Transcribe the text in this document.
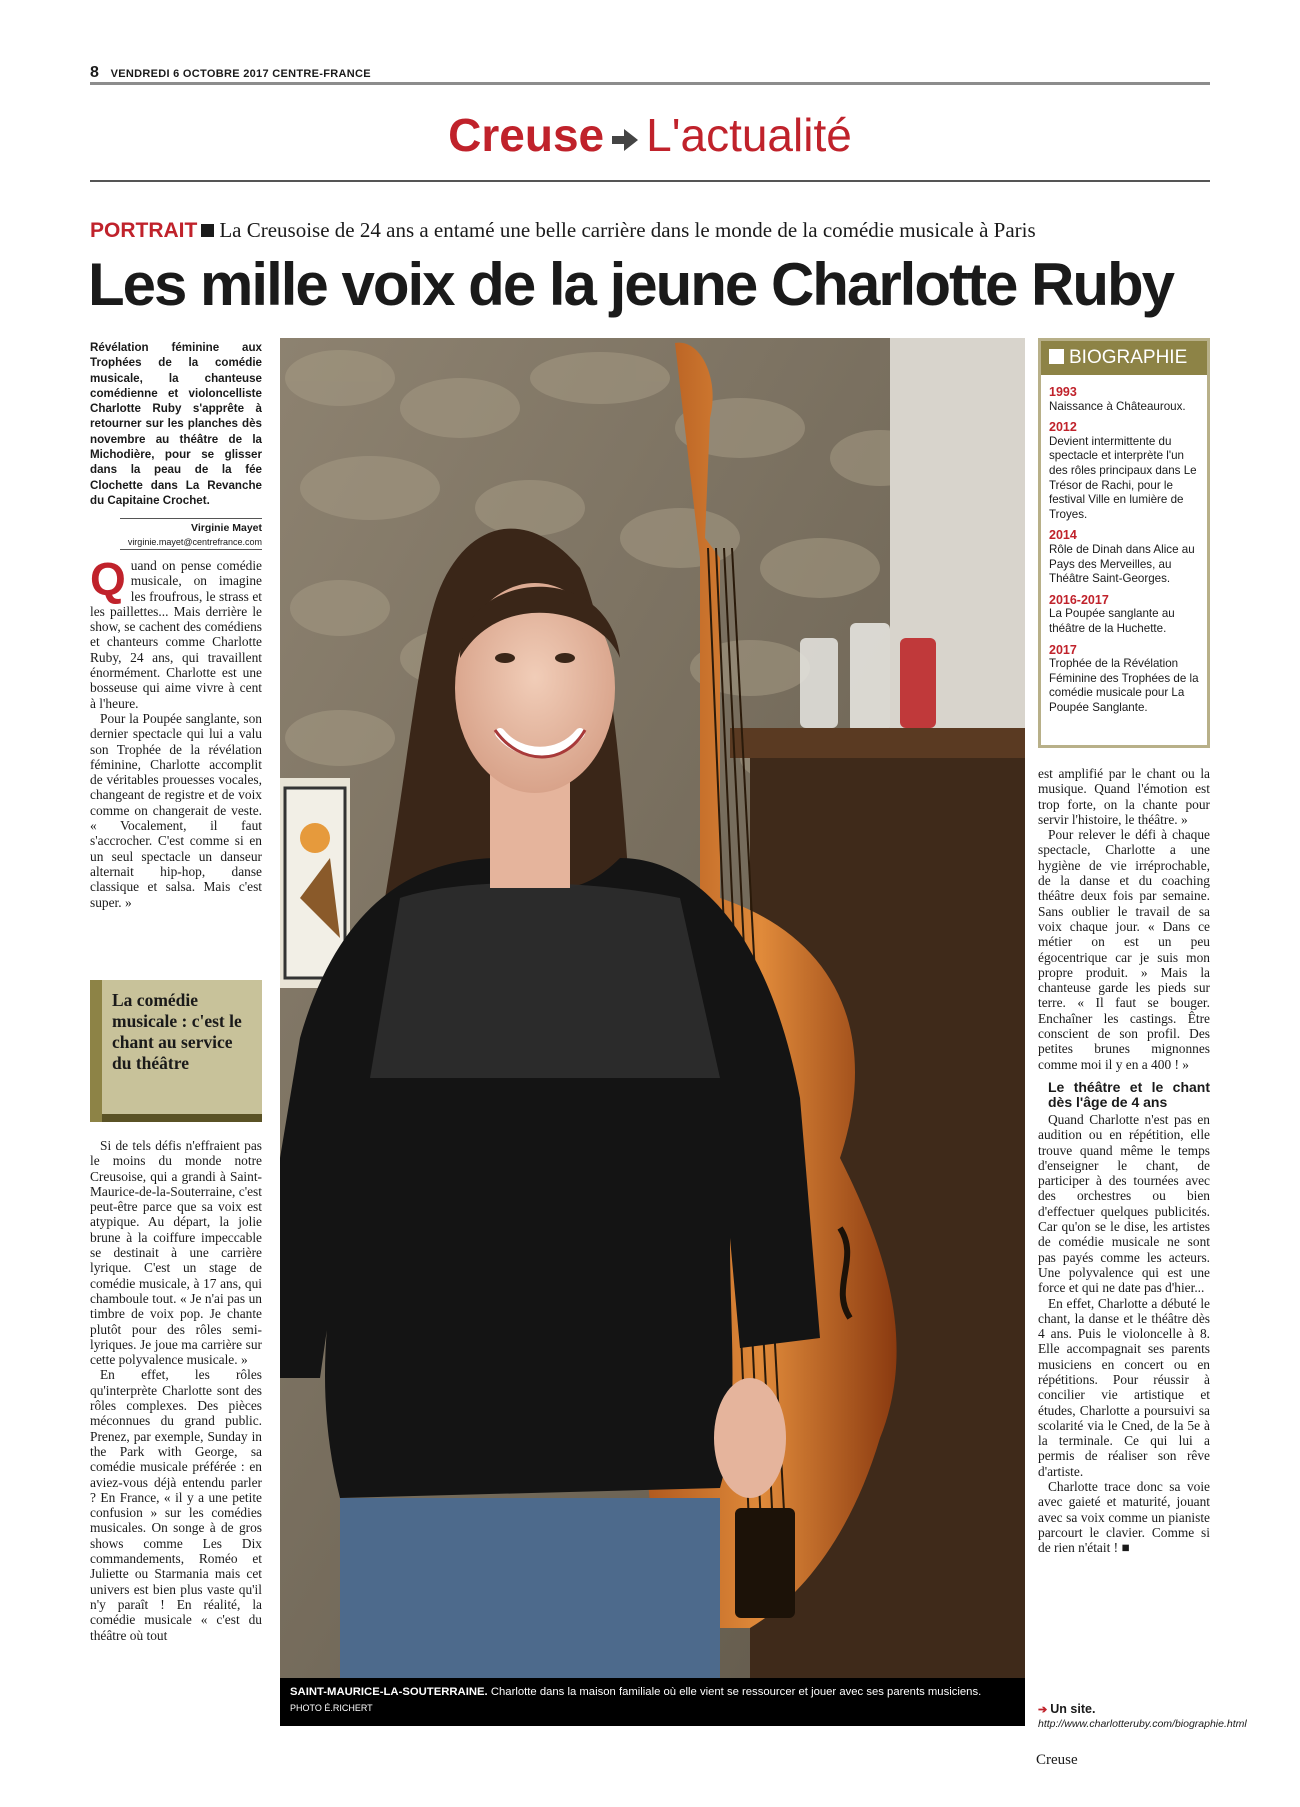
8 VENDREDI 6 OCTOBRE 2017 CENTRE-FRANCE
Creuse L'actualité
PORTRAIT La Creusoise de 24 ans a entamé une belle carrière dans le monde de la comédie musicale à Paris
Les mille voix de la jeune Charlotte Ruby
Révélation féminine aux Trophées de la comédie musicale, la chanteuse comédienne et violoncelliste Charlotte Ruby s'apprête à retourner sur les planches dès novembre au théâtre de la Michodière, pour se glisser dans la peau de la fée Clochette dans La Revanche du Capitaine Crochet.
Virginie Mayet
virginie.mayet@centrefrance.com

Quand on pense comédie musicale, on imagine les froufrous, le strass et les paillettes... Mais derrière le show, se cachent des comédiens et chanteurs comme Charlotte Ruby, 24 ans, qui travaillent énormément. Charlotte est une bosseuse qui aime vivre à cent à l'heure.

Pour la Poupée sanglante, son dernier spectacle qui lui a valu son Trophée de la révélation féminine, Charlotte accomplit de véritables prouesses vocales, changeant de registre et de voix comme on changerait de veste. « Vocalement, il faut s'accrocher. C'est comme si en un seul spectacle un danseur alternait hip-hop, danse classique et salsa. Mais c'est super. »

La comédie musicale : c'est le chant au service du théâtre

Si de tels défis n'effraient pas le moins du monde notre Creusoise, qui a grandi à Saint-Maurice-de-la-Souterraine, c'est peut-être parce que sa voix est atypique. Au départ, la jolie brune à la coiffure impeccable se destinait à une carrière lyrique. C'est un stage de comédie musicale, à 17 ans, qui chamboule tout. « Je n'ai pas un timbre de voix pop. Je chante plutôt pour des rôles semi-lyriques. Je joue ma carrière sur cette polyvalence musicale. »

En effet, les rôles qu'interprète Charlotte sont des rôles complexes. Des pièces méconnues du grand public. Prenez, par exemple, Sunday in the Park with George, sa comédie musicale préférée : en aviez-vous déjà entendu parler ? En France, « il y a une petite confusion » sur les comédies musicales. On songe à de gros shows comme Les Dix commandements, Roméo et Juliette ou Starmania mais cet univers est bien plus vaste qu'il n'y paraît ! En réalité, la comédie musicale « c'est du théâtre où tout

SAINT-MAURICE-LA-SOUTERRAINE. Charlotte dans la maison familiale où elle vient se ressourcer et jouer avec ses parents musiciens. PHOTO É.RICHERT
BIOGRAPHIE
1993
Naissance à Châteauroux.
2012
Devient intermittente du spectacle et interprète l'un des rôles principaux dans Le Trésor de Rachi, pour le festival Ville en lumière de Troyes.
2014
Rôle de Dinah dans Alice au Pays des Merveilles, au Théâtre Saint-Georges.
2016-2017
La Poupée sanglante au théâtre de la Huchette.
2017
Trophée de la Révélation Féminine des Trophées de la comédie musicale pour La Poupée Sanglante.

est amplifié par le chant ou la musique. Quand l'émotion est trop forte, on la chante pour servir l'histoire, le théâtre. »

Pour relever le défi à chaque spectacle, Charlotte a une hygiène de vie irréprochable, de la danse et du coaching théâtre deux fois par semaine. Sans oublier le travail de sa voix chaque jour. « Dans ce métier on est un peu égocentrique car je suis mon propre produit. » Mais la chanteuse garde les pieds sur terre. « Il faut se bouger. Enchaîner les castings. Être conscient de son profil. Des petites brunes mignonnes comme moi il y en a 400 ! »

Le théâtre et le chant dès l'âge de 4 ans

Quand Charlotte n'est pas en audition ou en répétition, elle trouve quand même le temps d'enseigner le chant, de participer à des tournées avec des orchestres ou bien d'effectuer quelques publicités. Car qu'on se le dise, les artistes de comédie musicale ne sont pas payés comme les acteurs. Une polyvalence qui est une force et qui ne date pas d'hier...

En effet, Charlotte a débuté le chant, la danse et le théâtre dès 4 ans. Puis le violoncelle à 8. Elle accompagnait ses parents musiciens en concert ou en répétitions. Pour réussir à concilier vie artistique et études, Charlotte a poursuivi sa scolarité via le Cned, de la 5e à la terminale. Ce qui lui a permis de réaliser son rêve d'artiste.

Charlotte trace donc sa voie avec gaieté et maturité, jouant avec sa voix comme un pianiste parcourt le clavier. Comme si de rien n'était ! ■

➔ Un site. http://www.charlotteruby.com/biographie.html
Creuse
